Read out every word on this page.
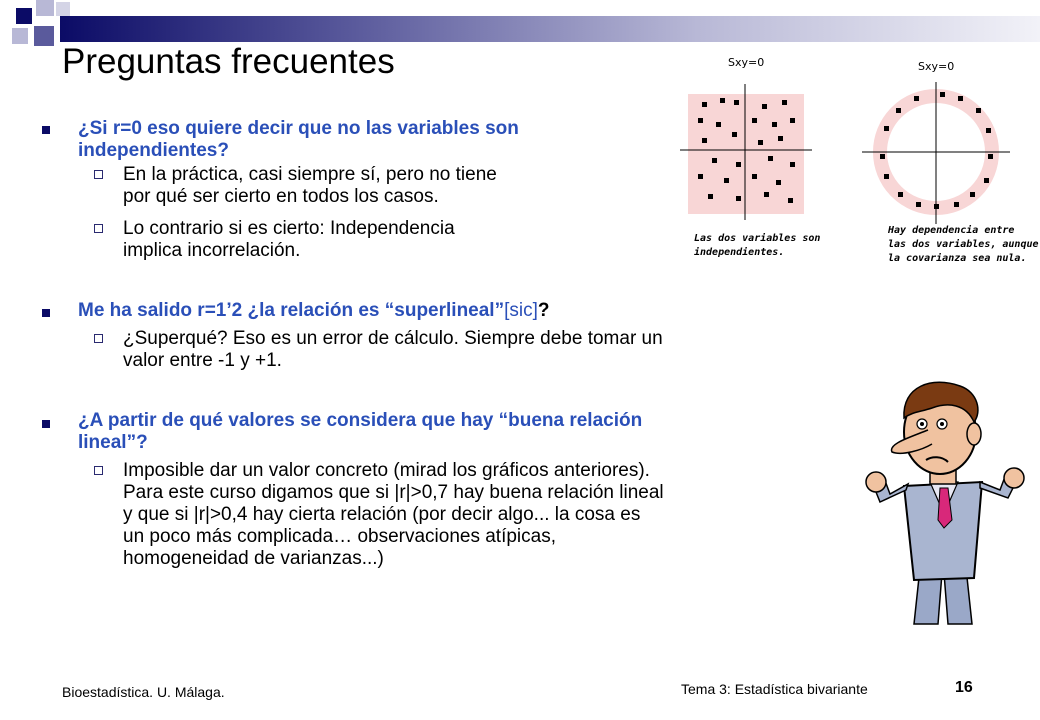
Preguntas frecuentes
¿Si r=0 eso quiere decir que no las variables son
independientes?
En la práctica, casi siempre sí, pero no tiene
por qué ser cierto en todos los casos.
Lo contrario si es cierto: Independencia
implica incorrelación.
Me ha salido r=1’2 ¿la relación es “superlineal”[sic]?
¿Superqué? Eso es un error de cálculo. Siempre debe tomar un
valor entre -1 y +1.
¿A partir de qué valores se considera que hay “buena relación
lineal”?
Imposible dar un valor concreto (mirad los gráficos anteriores).
Para este curso digamos que si |r|>0,7 hay buena relación lineal
y que si |r|>0,4 hay cierta relación (por decir algo... la cosa es
un poco más complicada… observaciones atípicas,
homogeneidad de varianzas...)
Sxy=0
Las dos variables son
independientes.
Sxy=0
Hay dependencia entre
las dos variables, aunque
la covarianza sea nula.
Bioestadística. U. Málaga.	Tema 3: Estadística bivariante	16
